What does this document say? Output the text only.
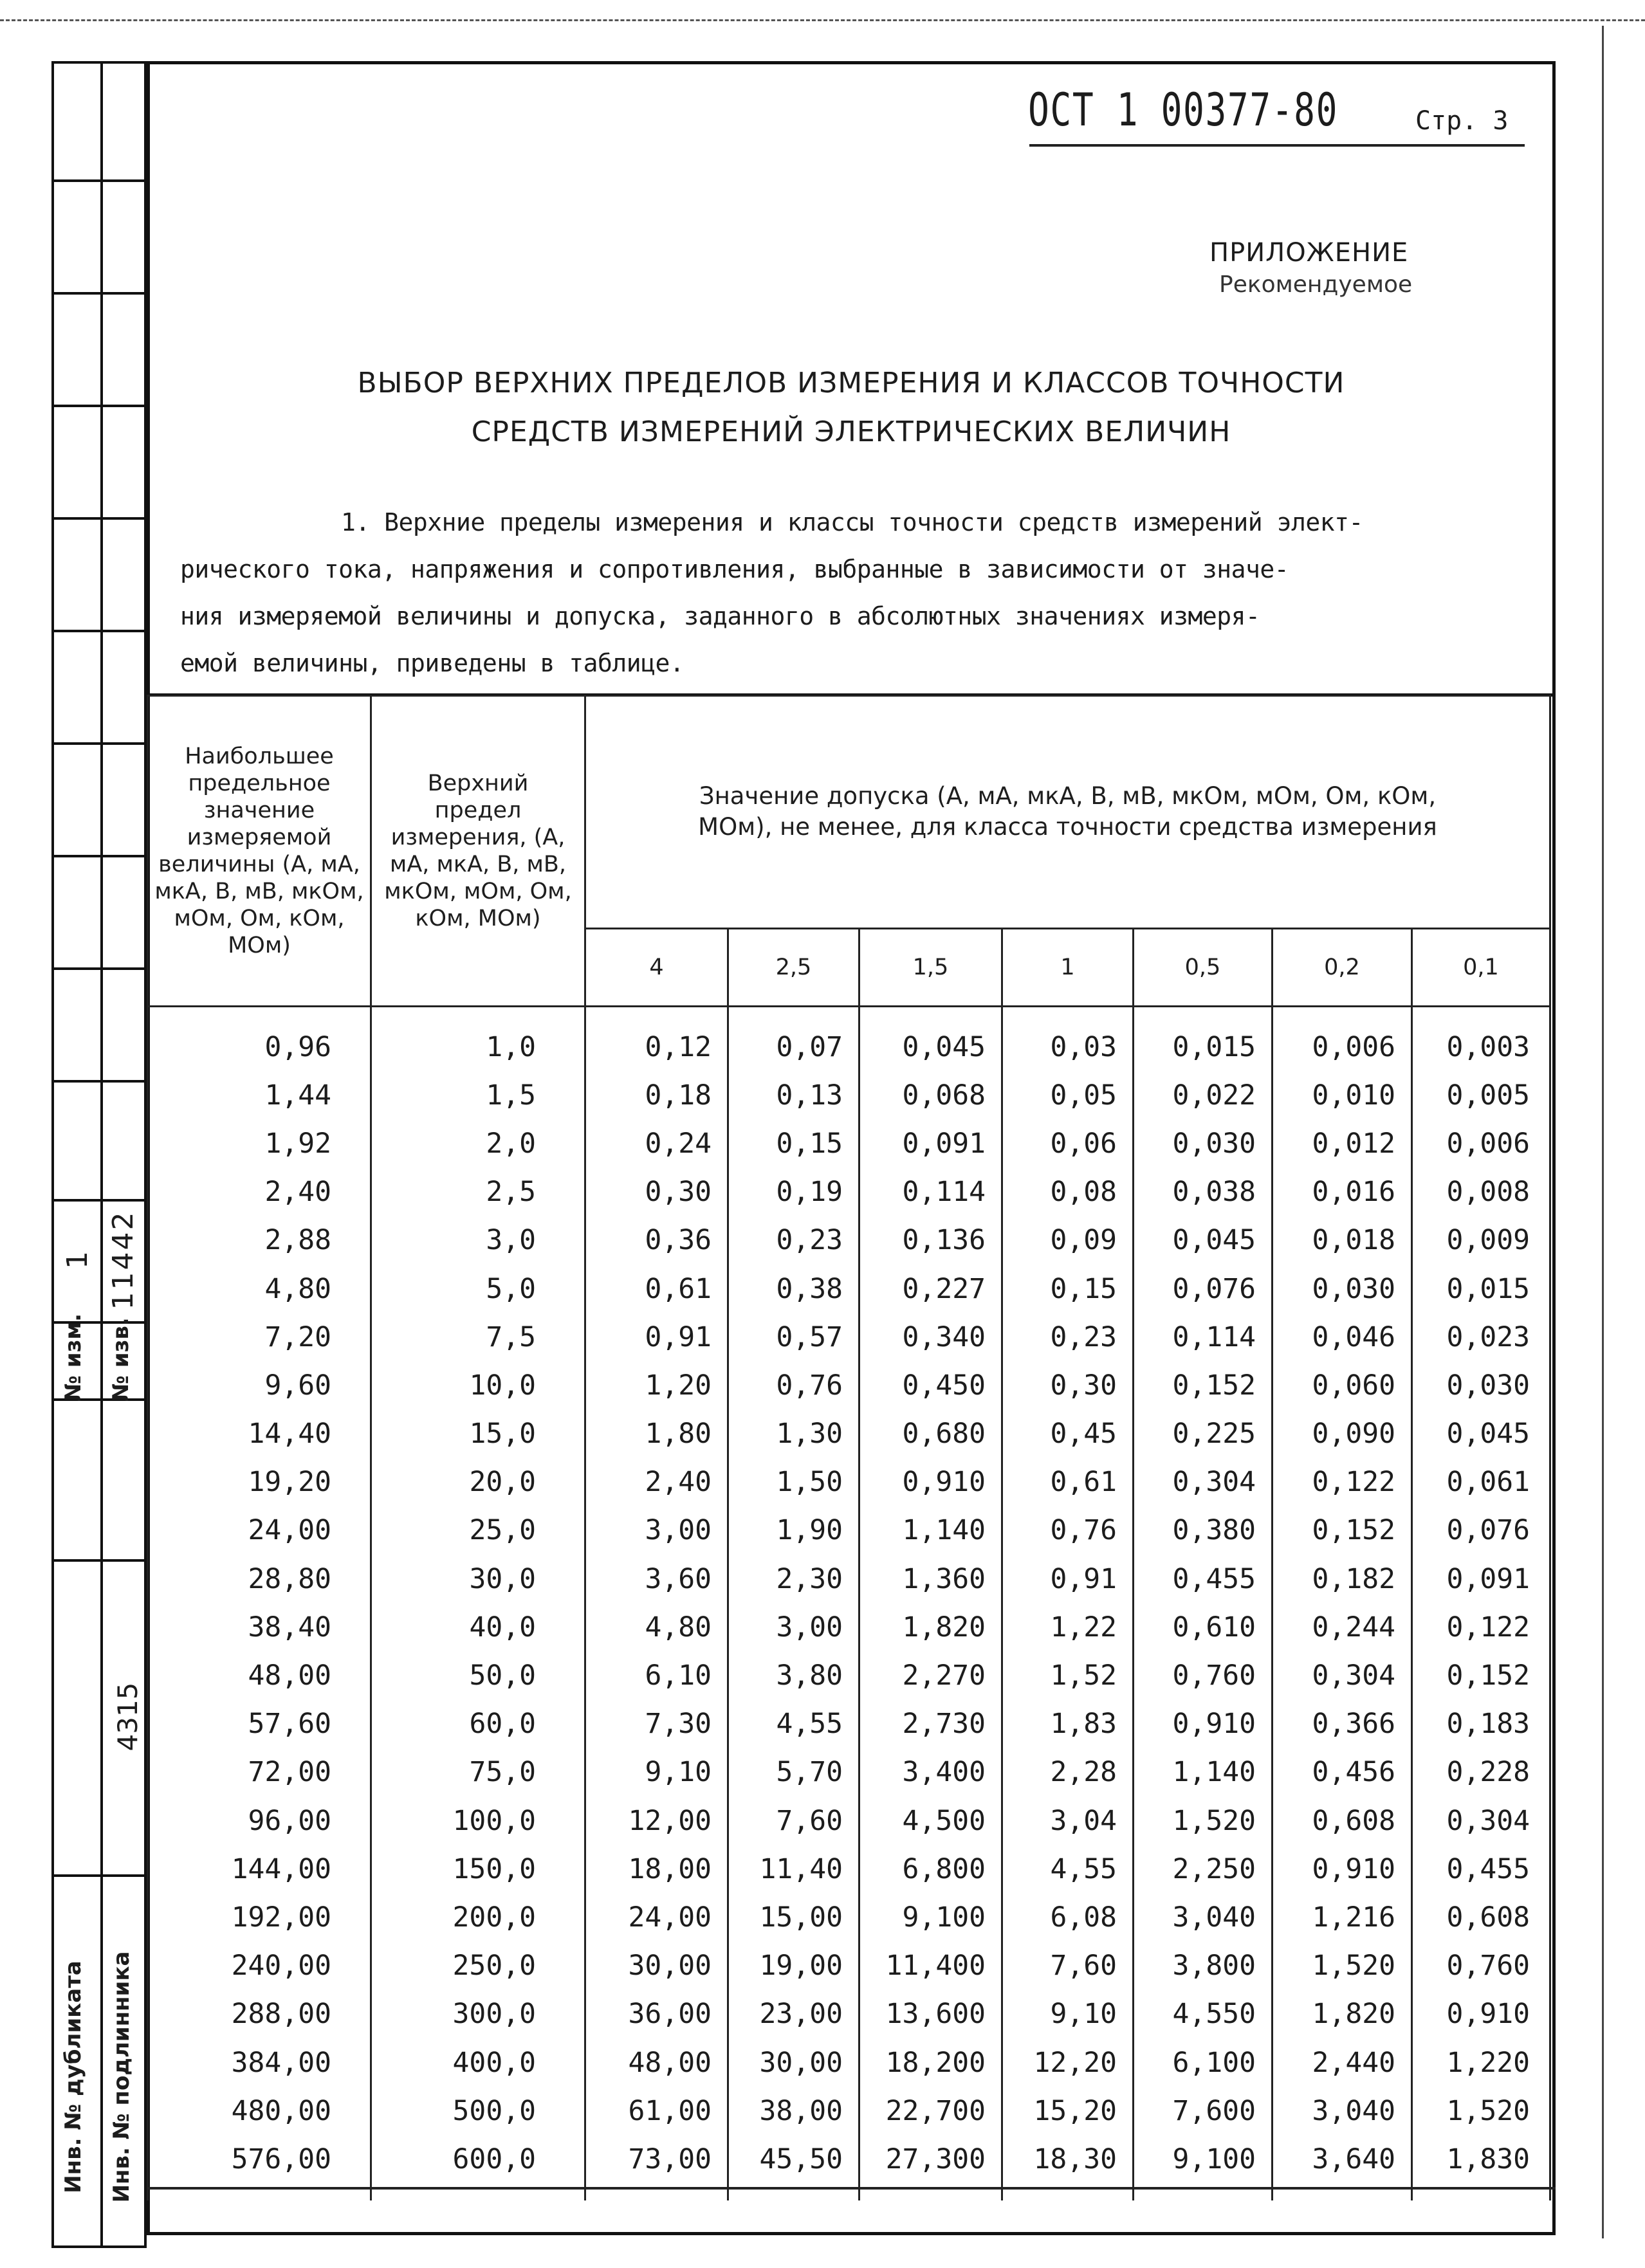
1 11442
№ изм. № изв.
4315
Инв. № дубликата Инв. № подлинника
ОСТ 1 00377-80	Стр. 3
ПРИЛОЖЕНИЕ
Рекомендуемое
ВЫБОР ВЕРХНИХ ПРЕДЕЛОВ ИЗМЕРЕНИЯ И КЛАССОВ ТОЧНОСТИ
СРЕДСТВ ИЗМЕРЕНИЙ ЭЛЕКТРИЧЕСКИХ ВЕЛИЧИН
1. Верхние пределы измерения и классы точности средств измерений элект-
рического тока, напряжения и сопротивления, выбранные в зависимости от значе-
ния измеряемой величины и допуска, заданного в абсолютных значениях измеря-
емой величины, приведены в таблице.
Наибольшее предельное значение измеряемой величины (А, мА, мкА, В, мВ, мкОм, мОм, Ом, кОм, МОм)	Верхний предел измерения, (А, мА, мкА, В, мВ, мкОм, мОм, Ом, кОм, МОм)	Значение допуска (А, мА, мкА, В, мВ, мкОм, мОм, Ом, кОм, МОм), не менее, для класса точности средства измерения						
		4	2,5	1,5	1	0,5	0,2	0,1
0,96	1,0	0,12	0,07	0,045	0,03	0,015	0,006	0,003
1,44	1,5	0,18	0,13	0,068	0,05	0,022	0,010	0,005
1,92	2,0	0,24	0,15	0,091	0,06	0,030	0,012	0,006
2,40	2,5	0,30	0,19	0,114	0,08	0,038	0,016	0,008
2,88	3,0	0,36	0,23	0,136	0,09	0,045	0,018	0,009
4,80	5,0	0,61	0,38	0,227	0,15	0,076	0,030	0,015
7,20	7,5	0,91	0,57	0,340	0,23	0,114	0,046	0,023
9,60	10,0	1,20	0,76	0,450	0,30	0,152	0,060	0,030
14,40	15,0	1,80	1,30	0,680	0,45	0,225	0,090	0,045
19,20	20,0	2,40	1,50	0,910	0,61	0,304	0,122	0,061
24,00	25,0	3,00	1,90	1,140	0,76	0,380	0,152	0,076
28,80	30,0	3,60	2,30	1,360	0,91	0,455	0,182	0,091
38,40	40,0	4,80	3,00	1,820	1,22	0,610	0,244	0,122
48,00	50,0	6,10	3,80	2,270	1,52	0,760	0,304	0,152
57,60	60,0	7,30	4,55	2,730	1,83	0,910	0,366	0,183
72,00	75,0	9,10	5,70	3,400	2,28	1,140	0,456	0,228
96,00	100,0	12,00	7,60	4,500	3,04	1,520	0,608	0,304
144,00	150,0	18,00	11,40	6,800	4,55	2,250	0,910	0,455
192,00	200,0	24,00	15,00	9,100	6,08	3,040	1,216	0,608
240,00	250,0	30,00	19,00	11,400	7,60	3,800	1,520	0,760
288,00	300,0	36,00	23,00	13,600	9,10	4,550	1,820	0,910
384,00	400,0	48,00	30,00	18,200	12,20	6,100	2,440	1,220
480,00	500,0	61,00	38,00	22,700	15,20	7,600	3,040	1,520
576,00	600,0	73,00	45,50	27,300	18,30	9,100	3,640	1,830
